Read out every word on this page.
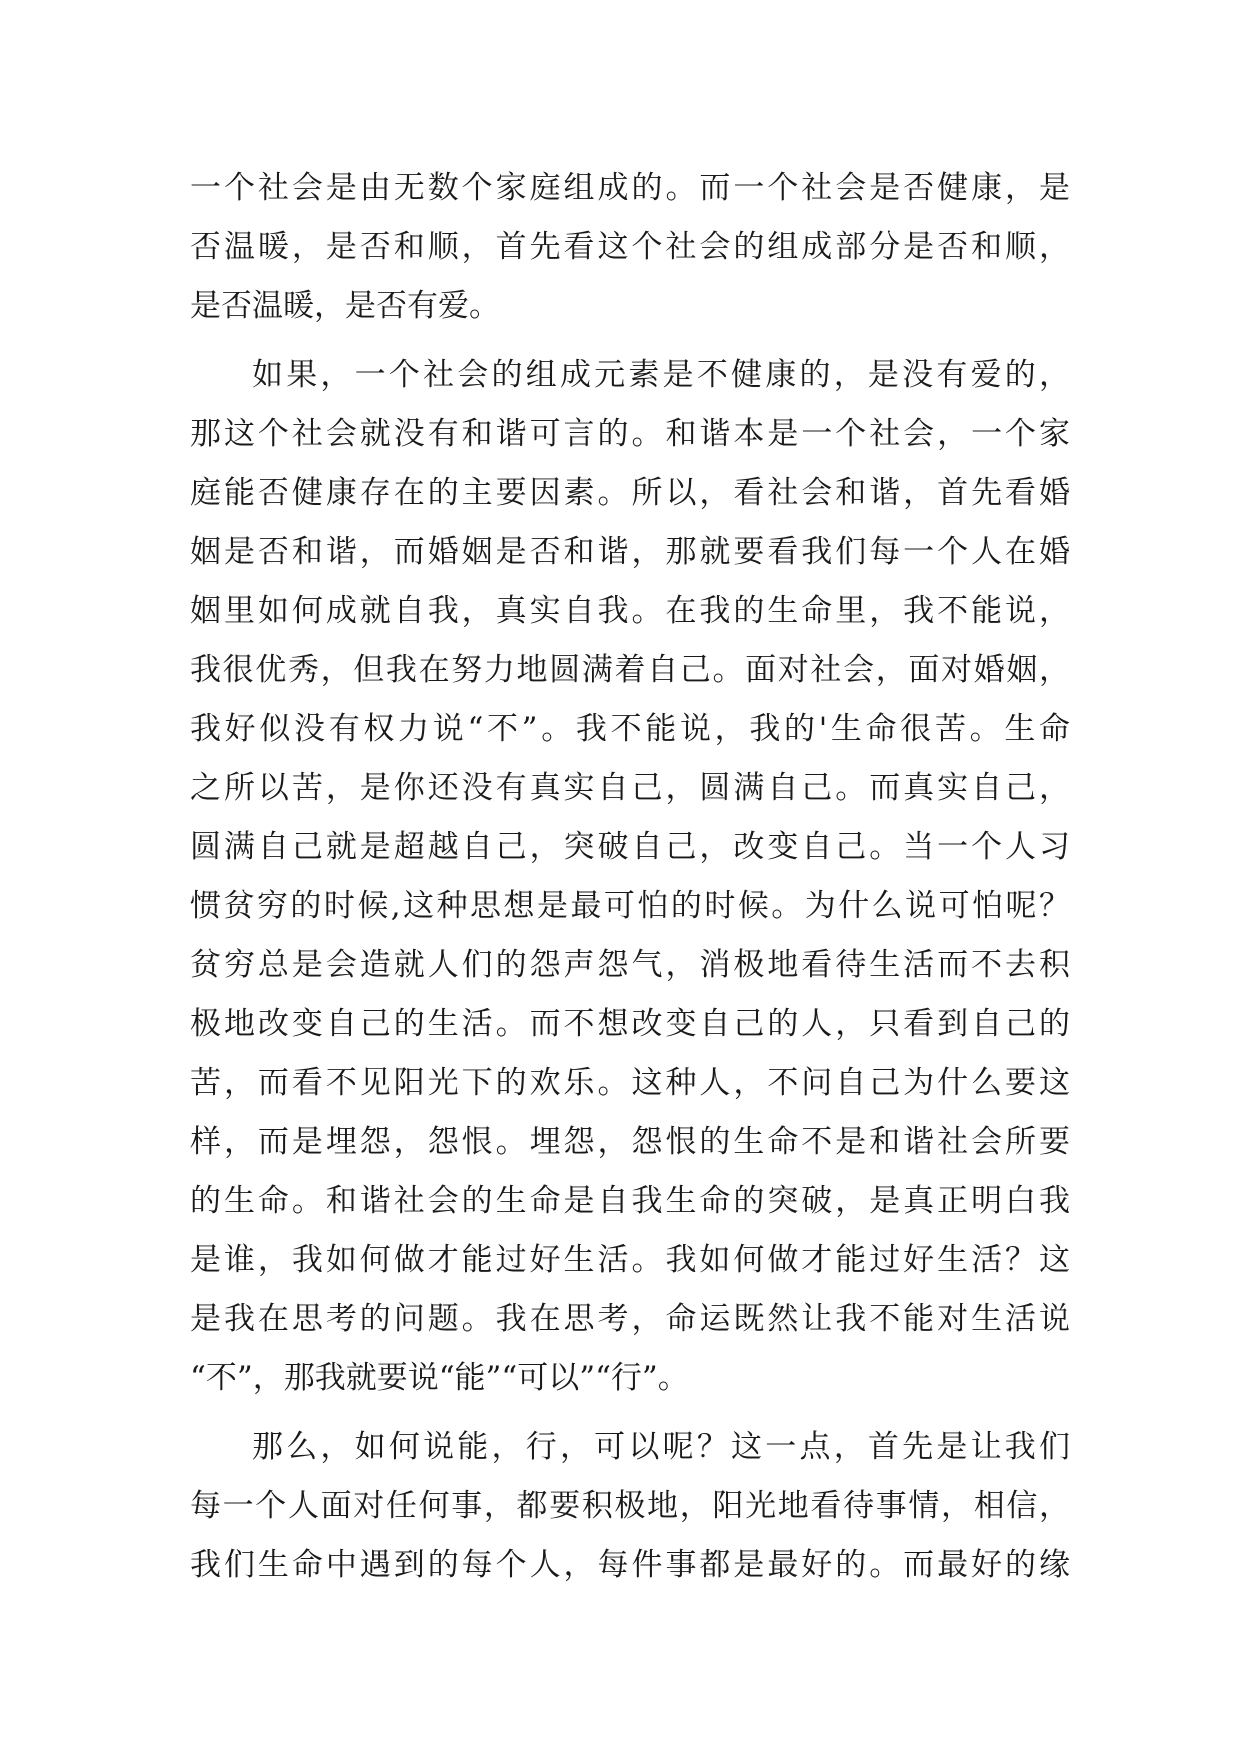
一个社会是由无数个家庭组成的。而一个社会是否健康，是
否温暖，是否和顺，首先看这个社会的组成部分是否和顺，
是否温暖，是否有爱。
如果，一个社会的组成元素是不健康的，是没有爱的，
那这个社会就没有和谐可言的。和谐本是一个社会，一个家
庭能否健康存在的主要因素。所以，看社会和谐，首先看婚
姻是否和谐，而婚姻是否和谐，那就要看我们每一个人在婚
姻里如何成就自我，真实自我。在我的生命里，我不能说，
我很优秀，但我在努力地圆满着自己。面对社会，面对婚姻，
我好似没有权力说“不”。我不能说，我的'生命很苦。生命
之所以苦，是你还没有真实自己，圆满自己。而真实自己，
圆满自己就是超越自己，突破自己，改变自己。当一个人习
惯贫穷的时候,这种思想是最可怕的时候。为什么说可怕呢？
贫穷总是会造就人们的怨声怨气，消极地看待生活而不去积
极地改变自己的生活。而不想改变自己的人，只看到自己的
苦，而看不见阳光下的欢乐。这种人，不问自己为什么要这
样，而是埋怨，怨恨。埋怨，怨恨的生命不是和谐社会所要
的生命。和谐社会的生命是自我生命的突破，是真正明白我
是谁，我如何做才能过好生活。我如何做才能过好生活？这
是我在思考的问题。我在思考，命运既然让我不能对生活说
“不”，那我就要说“能”“可以”“行”。
那么，如何说能，行，可以呢？这一点，首先是让我们
每一个人面对任何事，都要积极地，阳光地看待事情，相信，
我们生命中遇到的每个人，每件事都是最好的。而最好的缘
